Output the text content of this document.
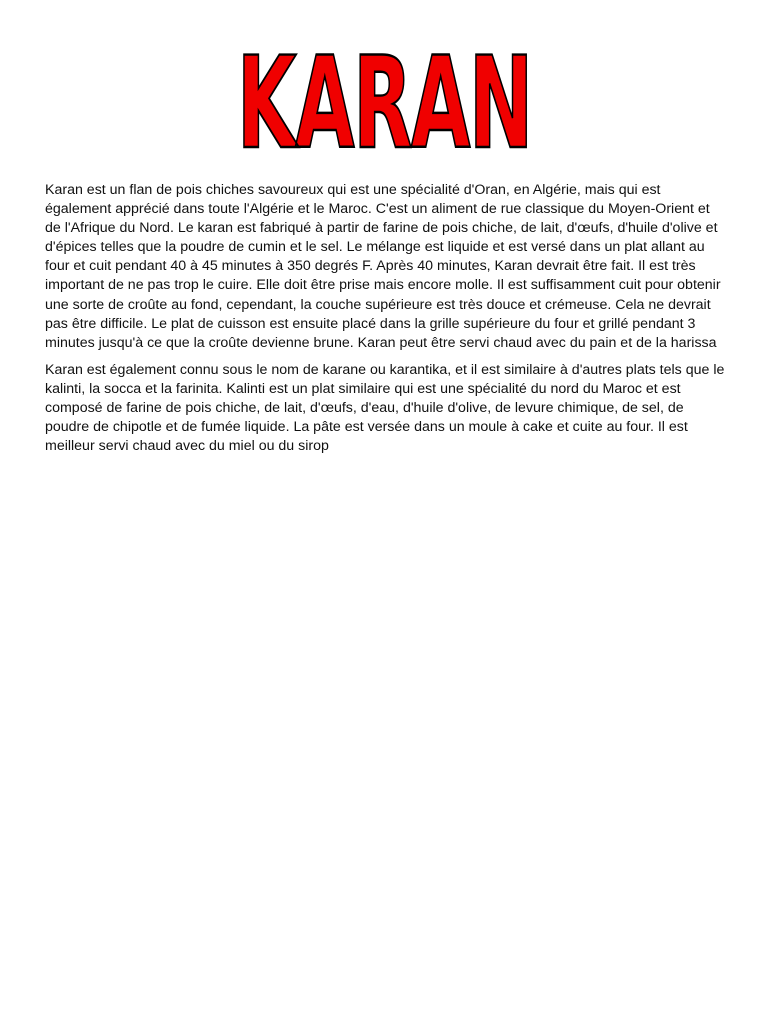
KARAN

Karan est un flan de pois chiches savoureux qui est une spécialité d'Oran, en Algérie, mais qui est également apprécié dans toute l'Algérie et le Maroc. C'est un aliment de rue classique du Moyen-Orient et de l'Afrique du Nord. Le karan est fabriqué à partir de farine de pois chiche, de lait, d'œufs, d'huile d'olive et d'épices telles que la poudre de cumin et le sel. Le mélange est liquide et est versé dans un plat allant au four et cuit pendant 40 à 45 minutes à 350 degrés F. Après 40 minutes, Karan devrait être fait. Il est très important de ne pas trop le cuire. Elle doit être prise mais encore molle. Il est suffisamment cuit pour obtenir une sorte de croûte au fond, cependant, la couche supérieure est très douce et crémeuse. Cela ne devrait pas être difficile. Le plat de cuisson est ensuite placé dans la grille supérieure du four et grillé pendant 3 minutes jusqu'à ce que la croûte devienne brune. Karan peut être servi chaud avec du pain et de la harissa

Karan est également connu sous le nom de karane ou karantika, et il est similaire à d'autres plats tels que le kalinti, la socca et la farinita. Kalinti est un plat similaire qui est une spécialité du nord du Maroc et est composé de farine de pois chiche, de lait, d'œufs, d'eau, d'huile d'olive, de levure chimique, de sel, de poudre de chipotle et de fumée liquide. La pâte est versée dans un moule à cake et cuite au four. Il est meilleur servi chaud avec du miel ou du sirop
